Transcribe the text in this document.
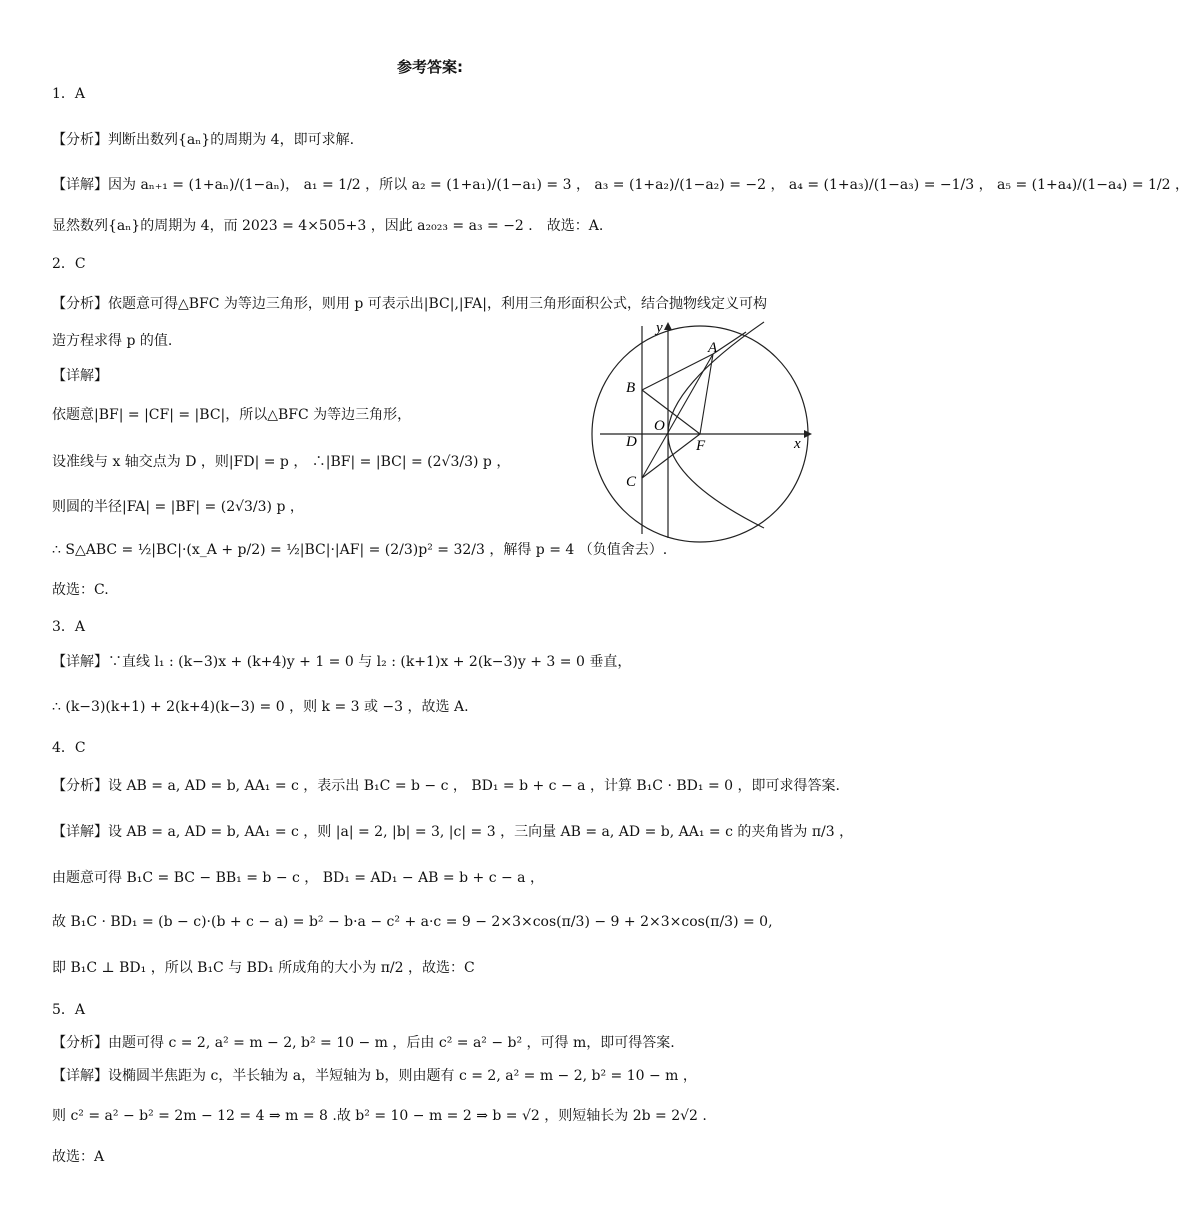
参考答案:
1．A
【分析】判断出数列{aₙ}的周期为 4，即可求解.
【详解】因为 aₙ₊₁ = (1+aₙ)/(1−aₙ)， a₁ = 1/2 ，所以 a₂ = (1+a₁)/(1−a₁) = 3 ， a₃ = (1+a₂)/(1−a₂) = −2 ， a₄ = (1+a₃)/(1−a₃) = −1/3 ， a₅ = (1+a₄)/(1−a₄) = 1/2 ，
显然数列{aₙ}的周期为 4，而 2023 = 4×505+3 ，因此 a₂₀₂₃ = a₃ = −2 ． 故选：A.
2．C
【分析】依题意可得△BFC 为等边三角形，则用 p 可表示出|BC|,|FA|，利用三角形面积公式，结合抛物线定义可构
造方程求得 p 的值.
【详解】
依题意|BF| = |CF| = |BC|，所以△BFC 为等边三角形，
设准线与 x 轴交点为 D ，则|FD| = p ， ∴|BF| = |BC| = (2√3/3) p ，
则圆的半径|FA| = |BF| = (2√3/3) p ，
∴ S△ABC = ½|BC|·(x_A + p/2) = ½|BC|·|AF| = (2/3)p² = 32/3 ，解得 p = 4 （负值舍去）.
故选：C.
3．A
【详解】∵直线 l₁ : (k−3)x + (k+4)y + 1 = 0 与 l₂ : (k+1)x + 2(k−3)y + 3 = 0 垂直，
∴ (k−3)(k+1) + 2(k+4)(k−3) = 0 ，则 k = 3 或 −3 ，故选 A.
4．C
【分析】设 AB = a, AD = b, AA₁ = c ，表示出 B₁C = b − c ， BD₁ = b + c − a ，计算 B₁C · BD₁ = 0 ，即可求得答案.
【详解】设 AB = a, AD = b, AA₁ = c ，则 |a| = 2, |b| = 3, |c| = 3 ，三向量 AB = a, AD = b, AA₁ = c 的夹角皆为 π/3 ，
由题意可得 B₁C = BC − BB₁ = b − c ， BD₁ = AD₁ − AB = b + c − a ，
故 B₁C · BD₁ = (b − c)·(b + c − a) = b² − b·a − c² + a·c = 9 − 2×3×cos(π/3) − 9 + 2×3×cos(π/3) = 0,
即 B₁C ⊥ BD₁ ，所以 B₁C 与 BD₁ 所成角的大小为 π/2 ，故选：C
5．A
【分析】由题可得 c = 2, a² = m − 2, b² = 10 − m ，后由 c² = a² − b² ，可得 m，即可得答案.
【详解】设椭圆半焦距为 c，半长轴为 a，半短轴为 b，则由题有 c = 2, a² = m − 2, b² = 10 − m ，
则 c² = a² − b² = 2m − 12 = 4 ⇒ m = 8 .故 b² = 10 − m = 2 ⇒ b = √2 ，则短轴长为 2b = 2√2 .
故选：A
y
x
A
B
O
D	F
C
